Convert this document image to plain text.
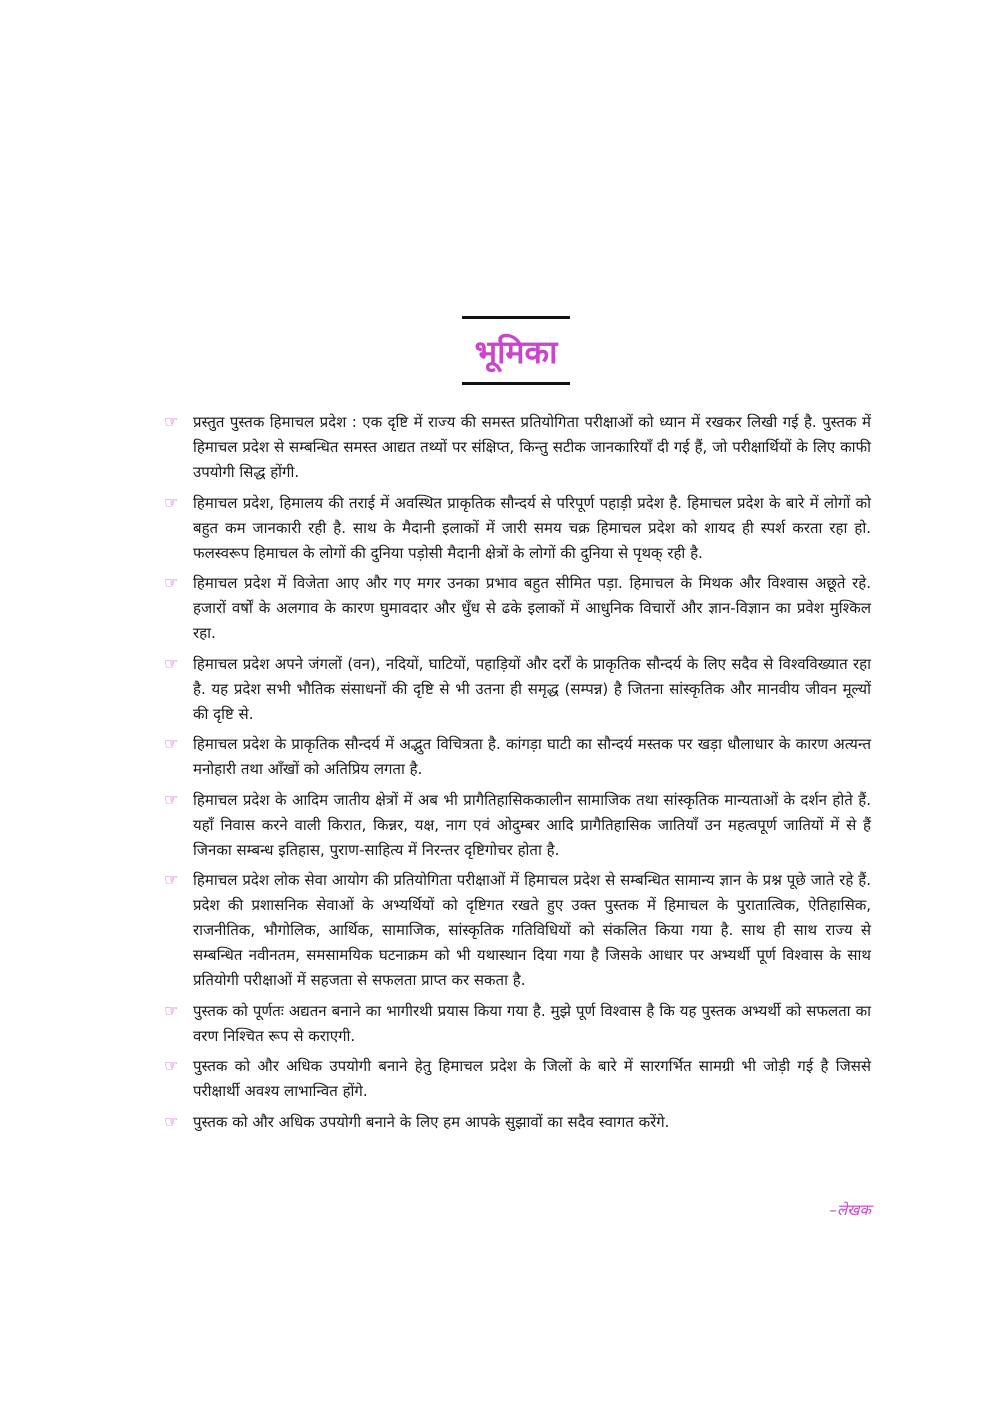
भूमिका
☞ प्रस्तुत पुस्तक हिमाचल प्रदेश : एक दृष्टि में राज्य की समस्त प्रतियोगिता परीक्षाओं को ध्यान में रखकर लिखी गई है. पुस्तक में हिमाचल प्रदेश से सम्बन्धित समस्त आद्यत तथ्यों पर संक्षिप्त, किन्तु सटीक जानकारियाँ दी गई हैं, जो परीक्षार्थियों के लिए काफी उपयोगी सिद्ध होंगी.
☞ हिमाचल प्रदेश, हिमालय की तराई में अवस्थित प्राकृतिक सौन्दर्य से परिपूर्ण पहाड़ी प्रदेश है. हिमाचल प्रदेश के बारे में लोगों को बहुत कम जानकारी रही है. साथ के मैदानी इलाकों में जारी समय चक्र हिमाचल प्रदेश को शायद ही स्पर्श करता रहा हो. फलस्वरूप हिमाचल के लोगों की दुनिया पड़ोसी मैदानी क्षेत्रों के लोगों की दुनिया से पृथक् रही है.
☞ हिमाचल प्रदेश में विजेता आए और गए मगर उनका प्रभाव बहुत सीमित पड़ा. हिमाचल के मिथक और विश्वास अछूते रहे. हजारों वर्षों के अलगाव के कारण घुमावदार और धुँध से ढके इलाकों में आधुनिक विचारों और ज्ञान-विज्ञान का प्रवेश मुश्किल रहा.
☞ हिमाचल प्रदेश अपने जंगलों (वन), नदियों, घाटियों, पहाड़ियों और दर्रों के प्राकृतिक सौन्दर्य के लिए सदैव से विश्वविख्यात रहा है. यह प्रदेश सभी भौतिक संसाधनों की दृष्टि से भी उतना ही समृद्ध (सम्पन्न) है जितना सांस्कृतिक और मानवीय जीवन मूल्यों की दृष्टि से.
☞ हिमाचल प्रदेश के प्राकृतिक सौन्दर्य में अद्भुत विचित्रता है. कांगड़ा घाटी का सौन्दर्य मस्तक पर खड़ा धौलाधार के कारण अत्यन्त मनोहारी तथा आँखों को अतिप्रिय लगता है.
☞ हिमाचल प्रदेश के आदिम जातीय क्षेत्रों में अब भी प्रागैतिहासिककालीन सामाजिक तथा सांस्कृतिक मान्यताओं के दर्शन होते हैं. यहाँ निवास करने वाली किरात, किन्नर, यक्ष, नाग एवं ओदुम्बर आदि प्रागैतिहासिक जातियाँ उन महत्वपूर्ण जातियों में से हैं जिनका सम्बन्ध इतिहास, पुराण-साहित्य में निरन्तर दृष्टिगोचर होता है.
☞ हिमाचल प्रदेश लोक सेवा आयोग की प्रतियोगिता परीक्षाओं में हिमाचल प्रदेश से सम्बन्धित सामान्य ज्ञान के प्रश्न पूछे जाते रहे हैं. प्रदेश की प्रशासनिक सेवाओं के अभ्यर्थियों को दृष्टिगत रखते हुए उक्त पुस्तक में हिमाचल के पुरातात्विक, ऐतिहासिक, राजनीतिक, भौगोलिक, आर्थिक, सामाजिक, सांस्कृतिक गतिविधियों को संकलित किया गया है. साथ ही साथ राज्य से सम्बन्धित नवीनतम, समसामयिक घटनाक्रम को भी यथास्थान दिया गया है जिसके आधार पर अभ्यर्थी पूर्ण विश्वास के साथ प्रतियोगी परीक्षाओं में सहजता से सफलता प्राप्त कर सकता है.
☞ पुस्तक को पूर्णतः अद्यतन बनाने का भागीरथी प्रयास किया गया है. मुझे पूर्ण विश्वास है कि यह पुस्तक अभ्यर्थी को सफलता का वरण निश्चित रूप से कराएगी.
☞ पुस्तक को और अधिक उपयोगी बनाने हेतु हिमाचल प्रदेश के जिलों के बारे में सारगर्भित सामग्री भी जोड़ी गई है जिससे परीक्षार्थी अवश्य लाभान्वित होंगे.
☞ पुस्तक को और अधिक उपयोगी बनाने के लिए हम आपके सुझावों का सदैव स्वागत करेंगे.
–लेखक
